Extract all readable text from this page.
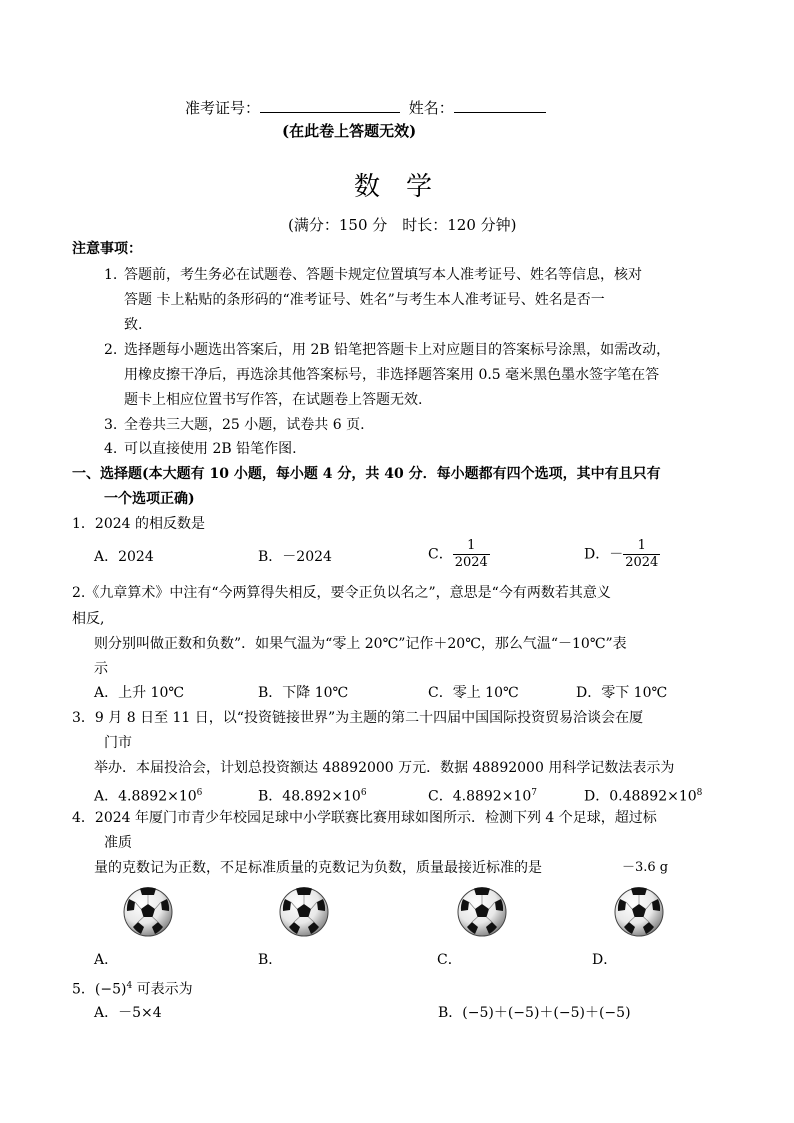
准考证号：	姓名：
(在此卷上答题无效)
数　学
(满分：150 分　时长：120 分钟)
注意事项：
1. 答题前，考生务必在试题卷、答题卡规定位置填写本人准考证号、姓名等信息，核对
答题 卡上粘贴的条形码的“准考证号、姓名”与考生本人准考证号、姓名是否一
致.
2. 选择题每小题选出答案后，用 2B 铅笔把答题卡上对应题目的答案标号涂黑，如需改动，
用橡皮擦干净后，再选涂其他答案标号，非选择题答案用 0.5 毫米黑色墨水签字笔在答
题卡上相应位置书写作答，在试题卷上答题无效.
3. 全卷共三大题，25 小题，试卷共 6 页.
4. 可以直接使用 2B 铅笔作图.
一、选择题(本大题有 10 小题，每小题 4 分，共 40 分．每小题都有四个选项，其中有且只有
一个选项正确)
1．2024 的相反数是
A．2024	B．－2024	C． $\frac{1}{2024}$	D．－ $\frac{1}{2024}$
2.《九章算术》中注有“今两算得失相反，要令正负以名之”，意思是“今有两数若其意义
相反,
则分别叫做正数和负数”．如果气温为“零上 20℃”记作＋20℃，那么气温“－10℃”表
示
A．上升 10℃	B．下降 10℃	C．零上 10℃	D．零下 10℃
3．9 月 8 日至 11 日，以“投资链接世界”为主题的第二十四届中国国际投资贸易洽谈会在厦
门市
举办．本届投洽会，计划总投资额达 48892000 万元．数据 48892000 用科学记数法表示为
A．$4.8892\times 10^6$	B．$48.892\times 10^6$	C．$4.8892\times 10^7$	D．$0.48892\times 10^8$
4．2024 年厦门市青少年校园足球中小学联赛比赛用球如图所示．检测下列 4 个足球，超过标
准质
量的克数记为正数，不足标准质量的克数记为负数，质量最接近标准的是	－3.6 g
A．	B．	C．	D．
5．$(-5)^4$ 可表示为
A．－5×4	B．(−5)＋(−5)＋(−5)＋(−5)
